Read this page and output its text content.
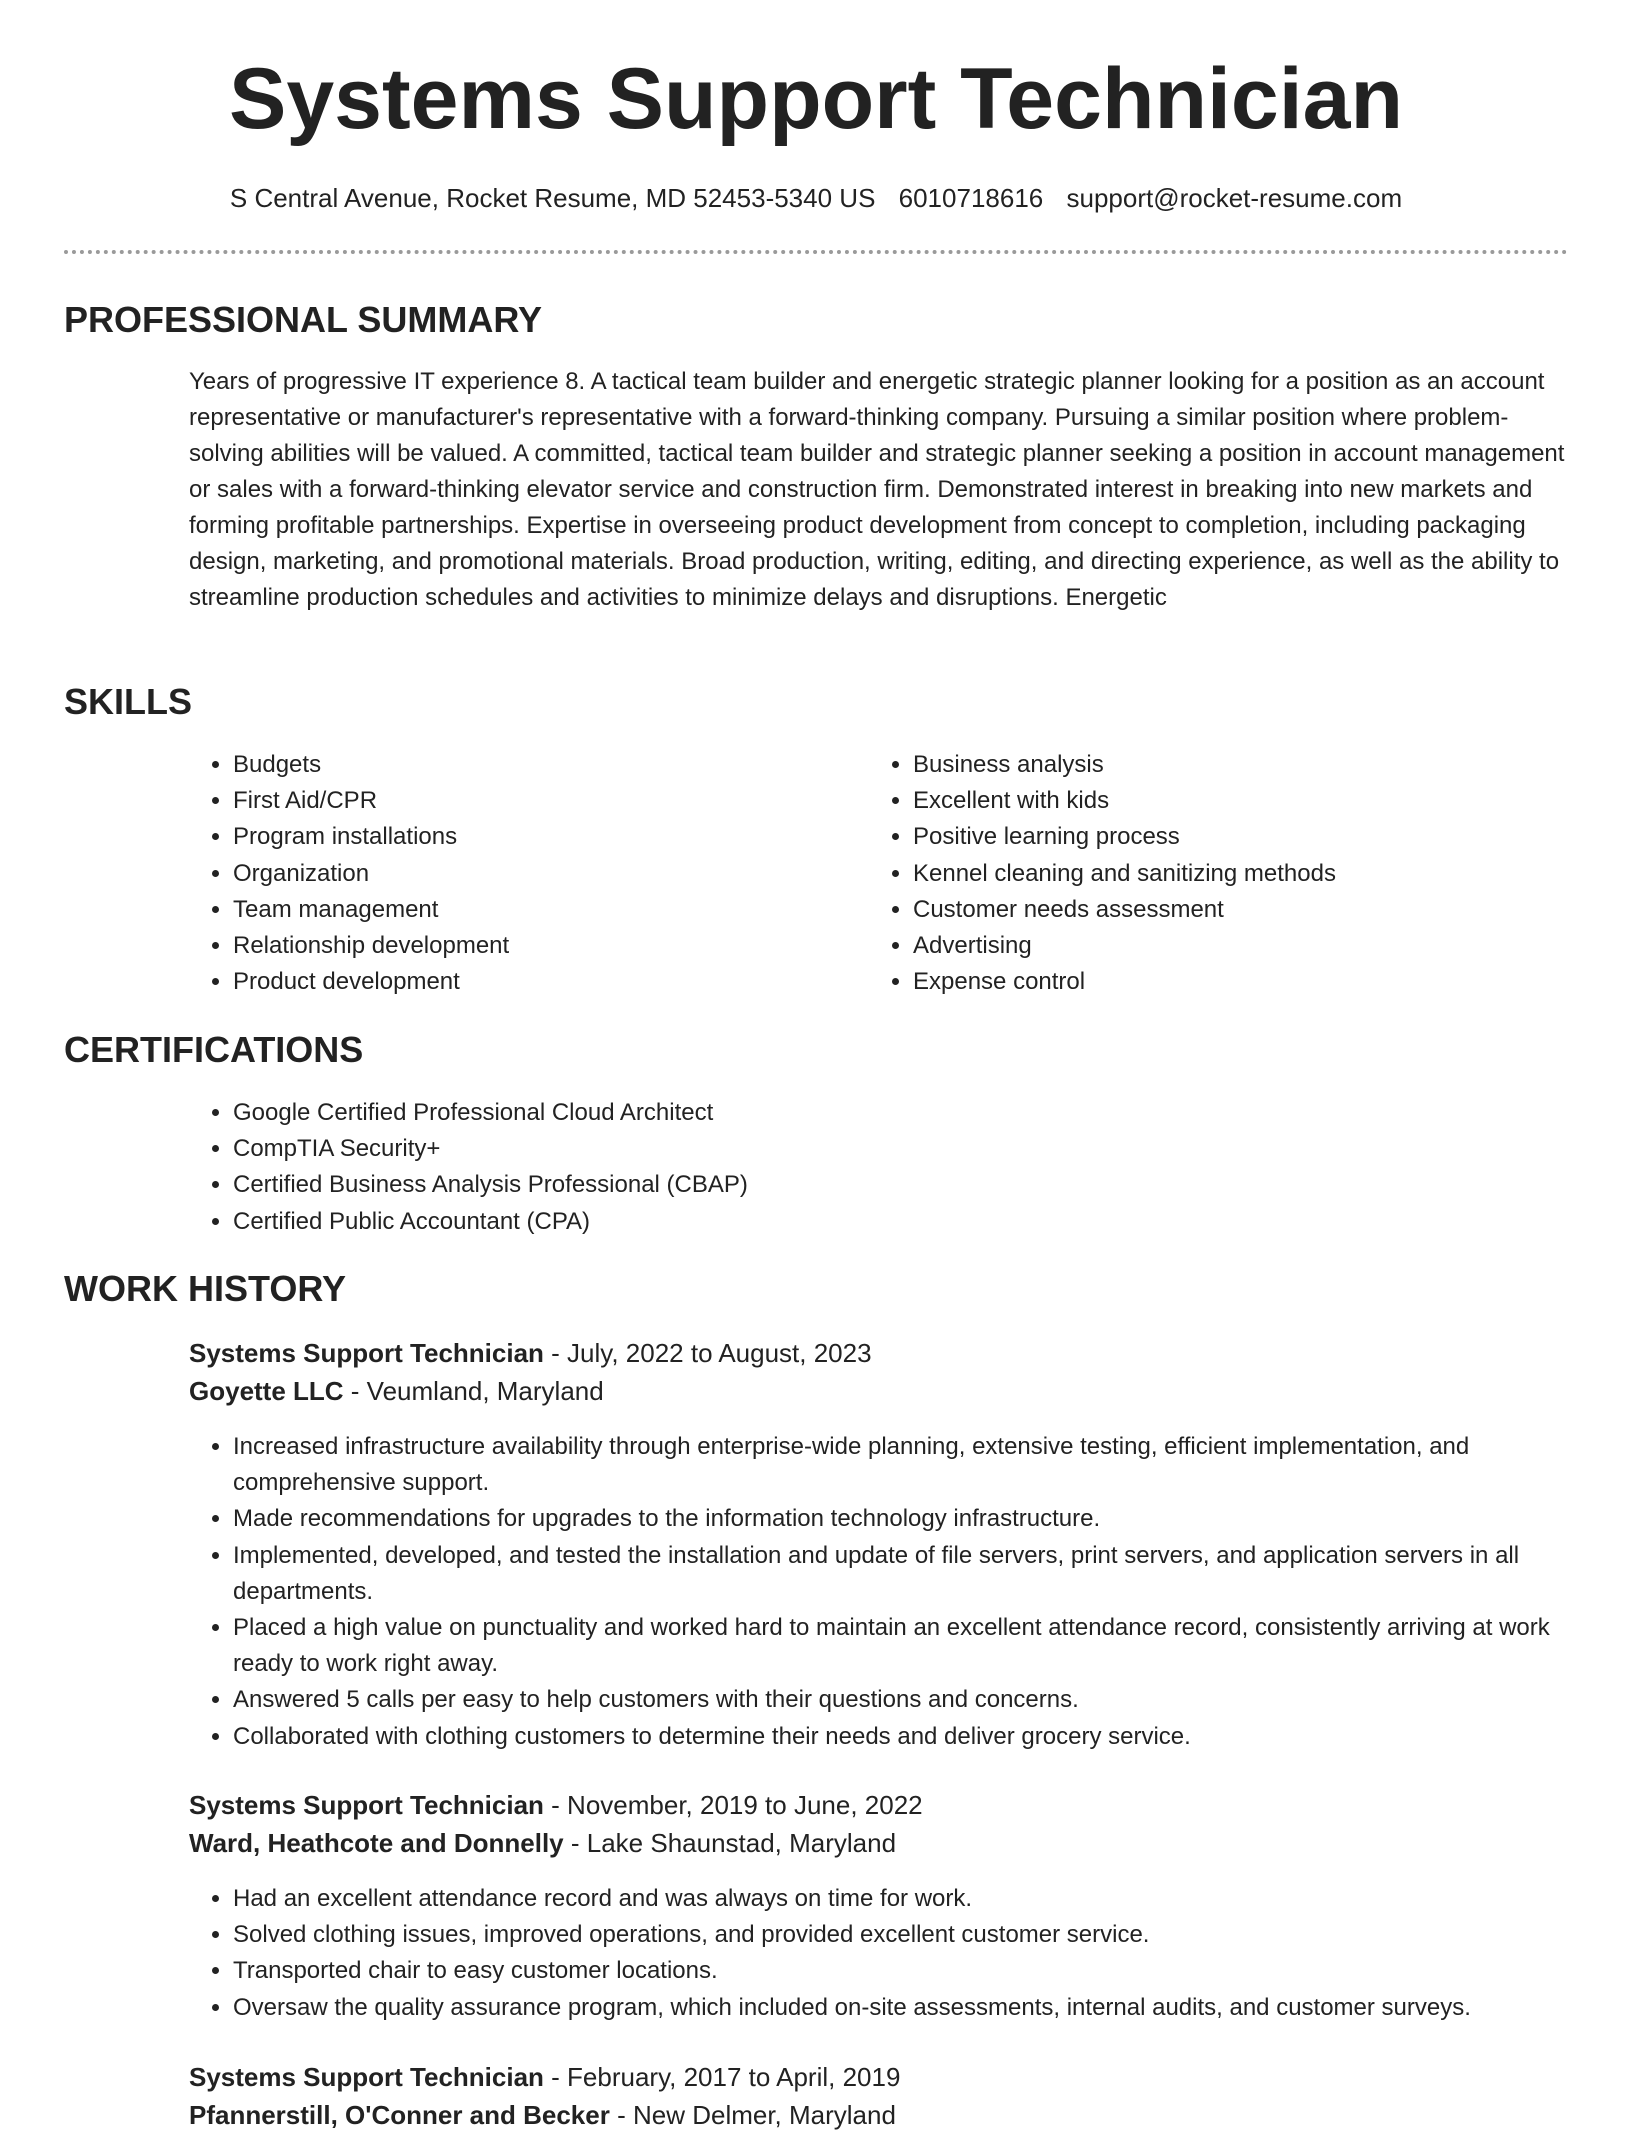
Systems Support Technician
S Central Avenue, Rocket Resume, MD 52453-5340 US 6010718616 support@rocket-resume.com
PROFESSIONAL SUMMARY

Years of progressive IT experience 8. A tactical team builder and energetic strategic planner looking for a position as an account representative or manufacturer's representative with a forward-thinking company. Pursuing a similar position where problem-solving abilities will be valued. A committed, tactical team builder and strategic planner seeking a position in account management or sales with a forward-thinking elevator service and construction firm. Demonstrated interest in breaking into new markets and forming profitable partnerships. Expertise in overseeing product development from concept to completion, including packaging design, marketing, and promotional materials. Broad production, writing, editing, and directing experience, as well as the ability to streamline production schedules and activities to minimize delays and disruptions. Energetic

SKILLS
• Budgets
• First Aid/CPR
• Program installations
• Organization
• Team management
• Relationship development
• Product development
• Business analysis
• Excellent with kids
• Positive learning process
• Kennel cleaning and sanitizing methods
• Customer needs assessment
• Advertising
• Expense control
CERTIFICATIONS
• Google Certified Professional Cloud Architect
• CompTIA Security+
• Certified Business Analysis Professional (CBAP)
• Certified Public Accountant (CPA)
WORK HISTORY
Systems Support Technician - July, 2022 to August, 2023
Goyette LLC - Veumland, Maryland
• Increased infrastructure availability through enterprise-wide planning, extensive testing, efficient implementation, and comprehensive support.
• Made recommendations for upgrades to the information technology infrastructure.
• Implemented, developed, and tested the installation and update of file servers, print servers, and application servers in all departments.
• Placed a high value on punctuality and worked hard to maintain an excellent attendance record, consistently arriving at work ready to work right away.
• Answered 5 calls per easy to help customers with their questions and concerns.
• Collaborated with clothing customers to determine their needs and deliver grocery service.
Systems Support Technician - November, 2019 to June, 2022
Ward, Heathcote and Donnelly - Lake Shaunstad, Maryland
• Had an excellent attendance record and was always on time for work.
• Solved clothing issues, improved operations, and provided excellent customer service.
• Transported chair to easy customer locations.
• Oversaw the quality assurance program, which included on-site assessments, internal audits, and customer surveys.
Systems Support Technician - February, 2017 to April, 2019
Pfannerstill, O'Conner and Becker - New Delmer, Maryland
